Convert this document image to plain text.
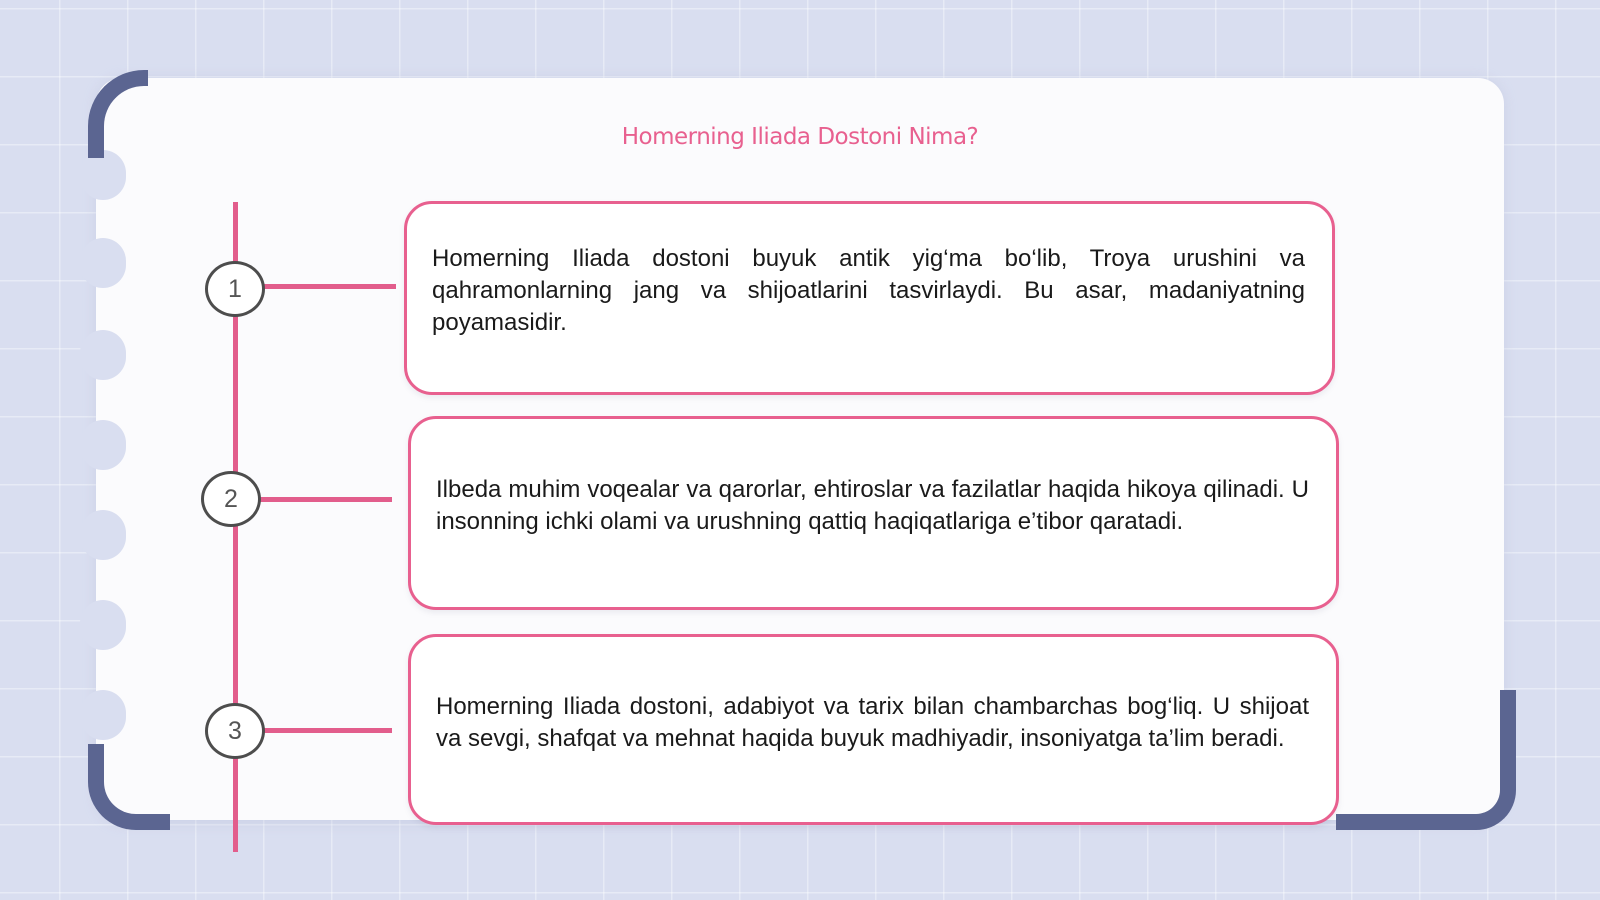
Homerning Iliada Dostoni Nima?
1
2
3

Homerning Iliada dostoni buyuk antik yig‘ma bo‘lib, Troya urushini va qahramonlarning jang va shijoatlarini tasvirlaydi. Bu asar, madaniyatning poyamasidir.

Ilbeda muhim voqealar va qarorlar, ehtiroslar va fazilatlar haqida hikoya qilinadi. U insonning ichki olami va urushning qattiq haqiqatlariga e’tibor qaratadi.

Homerning Iliada dostoni, adabiyot va tarix bilan chambarchas bog‘liq. U shijoat va sevgi, shafqat va mehnat haqida buyuk madhiyadir, insoniyatga ta’lim beradi.
